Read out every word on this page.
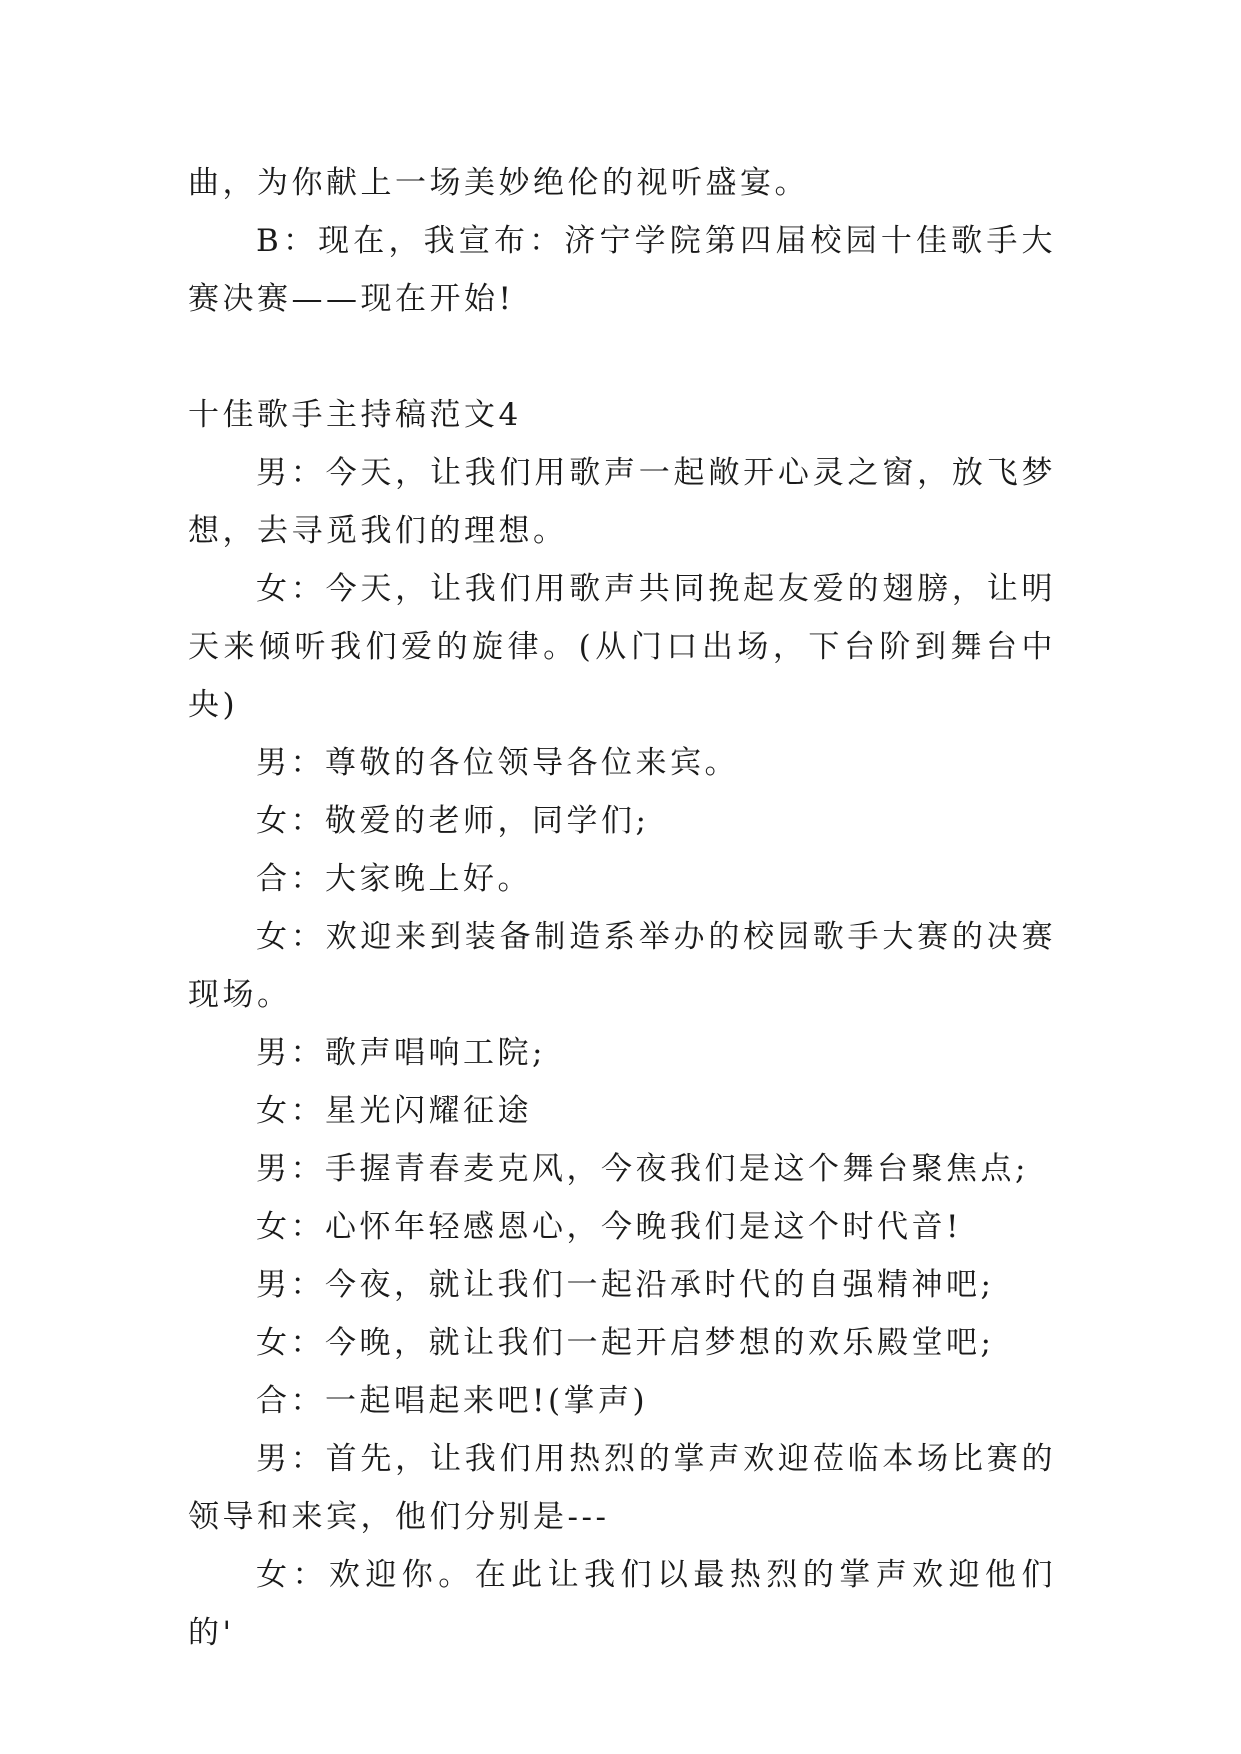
曲，为你献上一场美妙绝伦的视听盛宴。

B：现在，我宣布：济宁学院第四届校园十佳歌手大赛决赛——现在开始!

十佳歌手主持稿范文4

男：今天，让我们用歌声一起敞开心灵之窗，放飞梦想，去寻觅我们的理想。

女：今天，让我们用歌声共同挽起友爱的翅膀，让明天来倾听我们爱的旋律。(从门口出场，下台阶到舞台中央)

男：尊敬的各位领导各位来宾。

女：敬爱的老师，同学们;

合：大家晚上好。

女：欢迎来到装备制造系举办的校园歌手大赛的决赛现场。

男：歌声唱响工院;

女：星光闪耀征途

男：手握青春麦克风，今夜我们是这个舞台聚焦点;

女：心怀年轻感恩心，今晚我们是这个时代音!

男：今夜，就让我们一起沿承时代的自强精神吧;

女：今晚，就让我们一起开启梦想的欢乐殿堂吧;

合：一起唱起来吧!(掌声)

男：首先，让我们用热烈的掌声欢迎莅临本场比赛的领导和来宾，他们分别是---

女：欢迎你。在此让我们以最热烈的掌声欢迎他们的'
